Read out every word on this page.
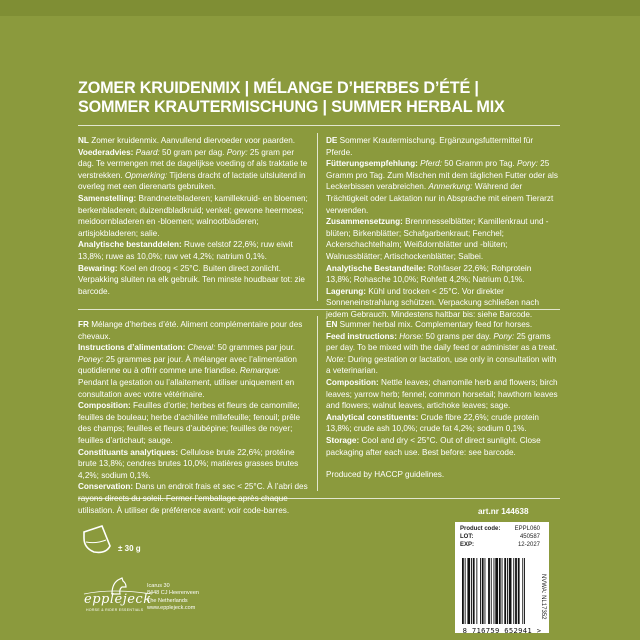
ZOMER KRUIDENMIX | MÉLANGE D’HERBES D’ÉTÉ |
SOMMER KRAUTERMISCHUNG | SUMMER HERBAL MIX

NL Zomer kruidenmix. Aanvullend diervoeder voor paarden.

Voederadvies: Paard: 50 gram per dag. Pony: 25 gram per dag. Te vermengen met de dagelijkse voeding of als traktatie te verstrekken. Opmerking: Tijdens dracht of lactatie uitsluitend in overleg met een dierenarts gebruiken.

Samenstelling: Brandnetelbladeren; kamillekruid- en bloemen; berkenbladeren; duizendbladkruid; venkel; gewone heermoes; meidoornbladeren en -bloemen; walnootbladeren; artisjokbladeren; salie.

Analytische bestanddelen: Ruwe celstof 22,6%; ruw eiwit 13,8%; ruwe as 10,0%; ruw vet 4,2%; natrium 0,1%.

Bewaring: Koel en droog < 25°C. Buiten direct zonlicht. Verpakking sluiten na elk gebruik. Ten minste houdbaar tot: zie barcode.

DE Sommer Krautermischung. Ergänzungsfuttermittel für Pferde.

Fütterungsempfehlung: Pferd: 50 Gramm pro Tag. Pony: 25 Gramm pro Tag. Zum Mischen mit dem täglichen Futter oder als Leckerbissen verabreichen. Anmerkung: Während der Trächtigkeit oder Laktation nur in Absprache mit einem Tierarzt verwenden.

Zusammensetzung: Brennnesselblätter; Kamillenkraut und -blüten; Birkenblätter; Schafgarbenkraut; Fenchel; Ackerschachtelhalm; Weißdornblätter und -blüten; Walnussblätter; Artischockenblätter; Salbei.

Analytische Bestandteile: Rohfaser 22,6%; Rohprotein 13,8%; Rohasche 10,0%; Rohfett 4,2%; Natrium 0,1%.

Lagerung: Kühl und trocken < 25°C. Vor direkter Sonneneinstrahlung schützen. Verpackung schließen nach jedem Gebrauch. Mindestens haltbar bis: siehe Barcode.

FR Mélange d’herbes d’été. Aliment complémentaire pour des chevaux.

Instructions d’alimentation: Cheval: 50 grammes par jour. Poney: 25 grammes par jour. À mélanger avec l’alimentation quotidienne ou à offrir comme une friandise. Remarque: Pendant la gestation ou l’allaitement, utiliser uniquement en consultation avec votre vétérinaire.

Composition: Feuilles d’ortie; herbes et fleurs de camomille; feuilles de bouleau; herbe d’achillée millefeuille; fenouil; prêle des champs; feuilles et fleurs d’aubépine; feuilles de noyer; feuilles d’artichaut; sauge.

Constituants analytiques: Cellulose brute 22,6%; protéine brute 13,8%; cendres brutes 10,0%; matières grasses brutes 4,2%; sodium 0,1%.

Conservation: Dans un endroit frais et sec < 25°C. À l’abri des rayons directs du soleil. Fermer l’emballage après chaque utilisation. À utiliser de préférence avant: voir code-barres.

EN Summer herbal mix. Complementary feed for horses.

Feed instructions: Horse: 50 grams per day. Pony: 25 grams per day. To be mixed with the daily feed or administer as a treat. Note: During gestation or lactation, use only in consultation with a veterinarian.

Composition: Nettle leaves; chamomile herb and flowers; birch leaves; yarrow herb; fennel; common horsetail; hawthorn leaves and flowers; walnut leaves, artichoke leaves; sage.

Analytical constituents: Crude fibre 22,6%; crude protein 13,8%; crude ash 10,0%; crude fat 4,2%; sodium 0,1%.

Storage: Cool and dry < 25°C. Out of direct sunlight. Close packaging after each use. Best before: see barcode.

Produced by HACCP guidelines.

art.nr 144638
± 30 g
epplejeck
HORSE & RIDER ESSENTIALS
Icarus 30
8448 CJ Heerenveen
The Netherlands
www.epplejeck.com
Product code: EPPL060
LOT:	450587
EXP:	12-2027
NVWA: NL17352
8 716759 652941 >
